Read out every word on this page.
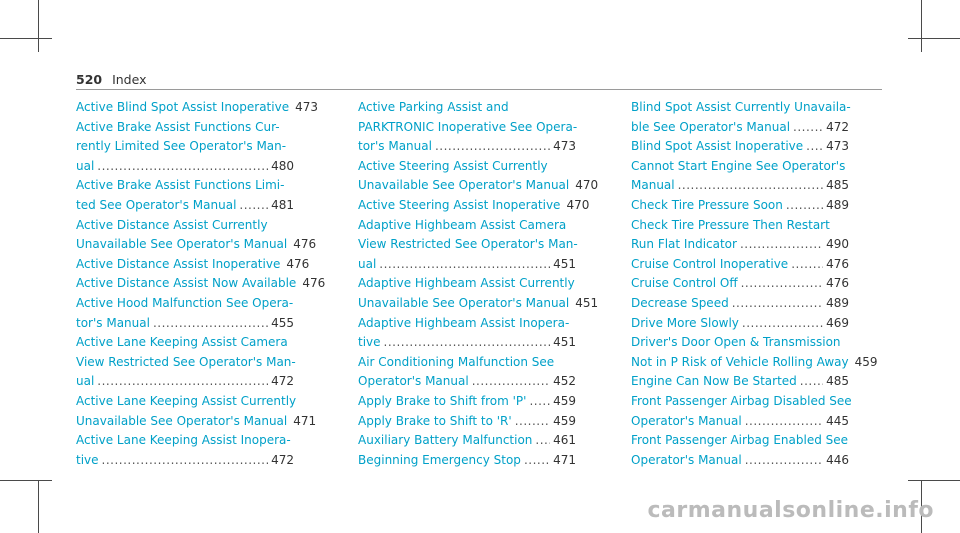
520 Index
Active Blind Spot Assist Inoperative 473
Active Brake Assist Functions Cur-
rently Limited See Operator's Man-
ual .....	480
Active Brake Assist Functions Limi-
ted See Operator's Manual .....	481
Active Distance Assist Currently
Unavailable See Operator's Manual 476
Active Distance Assist Inoperative 476
Active Distance Assist Now Available 476
Active Hood Malfunction See Opera-
tor's Manual .....	455
Active Lane Keeping Assist Camera
View Restricted See Operator's Man-
ual .....	472
Active Lane Keeping Assist Currently
Unavailable See Operator's Manual 471
Active Lane Keeping Assist Inopera-
tive .....	472
Active Parking Assist and
PARKTRONIC Inoperative See Opera-
tor's Manual .....	473
Active Steering Assist Currently
Unavailable See Operator's Manual 470
Active Steering Assist Inoperative 470
Adaptive Highbeam Assist Camera
View Restricted See Operator's Man-
ual .....	451
Adaptive Highbeam Assist Currently
Unavailable See Operator's Manual 451
Adaptive Highbeam Assist Inopera-
tive .....	451
Air Conditioning Malfunction See
Operator's Manual .....	452
Apply Brake to Shift from 'P' ..... 459
Apply Brake to Shift to 'R' .....	459
Auxiliary Battery Malfunction ..... 461
Beginning Emergency Stop .....	471
Blind Spot Assist Currently Unavaila-
ble See Operator's Manual .....	472
Blind Spot Assist Inoperative ..... 473
Cannot Start Engine See Operator's
Manual .....	485
Check Tire Pressure Soon .....	489
Check Tire Pressure Then Restart
Run Flat Indicator .....	490
Cruise Control Inoperative .....	476
Cruise Control Off .....	476
Decrease Speed .....	489
Drive More Slowly .....	469
Driver's Door Open & Transmission
Not in P Risk of Vehicle Rolling Away 459
Engine Can Now Be Started ..... 485
Front Passenger Airbag Disabled See
Operator's Manual .....	445
Front Passenger Airbag Enabled See
Operator's Manual .....	446
carmanualsonline.info
